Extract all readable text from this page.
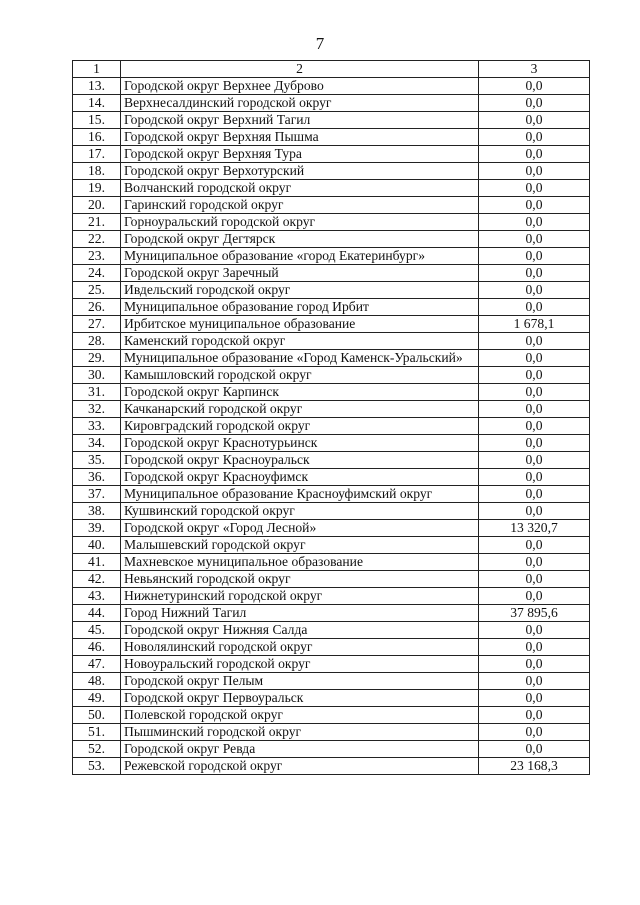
7
1	2	3
13.	Городской округ Верхнее Дуброво	0,0
14.	Верхнесалдинский городской округ	0,0
15.	Городской округ Верхний Тагил	0,0
16.	Городской округ Верхняя Пышма	0,0
17.	Городской округ Верхняя Тура	0,0
18.	Городской округ Верхотурский	0,0
19.	Волчанский городской округ	0,0
20.	Гаринский городской округ	0,0
21.	Горноуральский городской округ	0,0
22.	Городской округ Дегтярск	0,0
23.	Муниципальное образование «город Екатеринбург»	0,0
24.	Городской округ Заречный	0,0
25.	Ивдельский городской округ	0,0
26.	Муниципальное образование город Ирбит	0,0
27.	Ирбитское муниципальное образование	1 678,1
28.	Каменский городской округ	0,0
29.	Муниципальное образование «Город Каменск-Уральский»	0,0
30.	Камышловский городской округ	0,0
31.	Городской округ Карпинск	0,0
32.	Качканарский городской округ	0,0
33.	Кировградский городской округ	0,0
34.	Городской округ Краснотурьинск	0,0
35.	Городской округ Красноуральск	0,0
36.	Городской округ Красноуфимск	0,0
37.	Муниципальное образование Красноуфимский округ	0,0
38.	Кушвинский городской округ	0,0
39.	Городской округ «Город Лесной»	13 320,7
40.	Малышевский городской округ	0,0
41.	Махневское муниципальное образование	0,0
42.	Невьянский городской округ	0,0
43.	Нижнетуринский городской округ	0,0
44.	Город Нижний Тагил	37 895,6
45.	Городской округ Нижняя Салда	0,0
46.	Новолялинский городской округ	0,0
47.	Новоуральский городской округ	0,0
48.	Городской округ Пелым	0,0
49.	Городской округ Первоуральск	0,0
50.	Полевской городской округ	0,0
51.	Пышминский городской округ	0,0
52.	Городской округ Ревда	0,0
53.	Режевской городской округ	23 168,3
